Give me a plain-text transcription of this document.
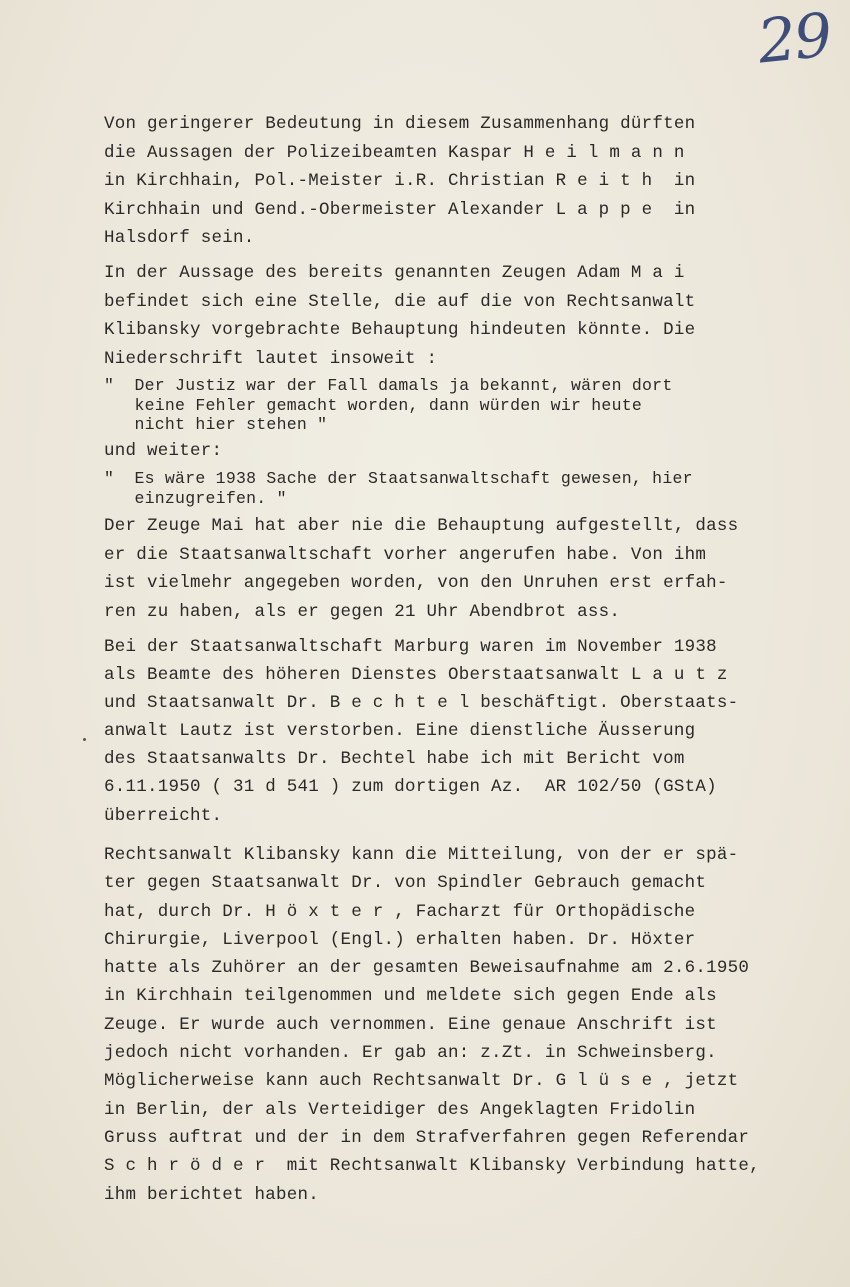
29

Von geringerer Bedeutung in diesem Zusammenhang dürften
die Aussagen der Polizeibeamten Kaspar H e i l m a n n
in Kirchhain, Pol.-Meister i.R. Christian R e i t h  in
Kirchhain und Gend.-Obermeister Alexander L a p p e  in
Halsdorf sein.

In der Aussage des bereits genannten Zeugen Adam M a i
befindet sich eine Stelle, die auf die von Rechtsanwalt
Klibansky vorgebrachte Behauptung hindeuten könnte. Die
Niederschrift lautet insoweit :

"  Der Justiz war der Fall damals ja bekannt, wären dort
keine Fehler gemacht worden, dann würden wir heute
nicht hier stehen "

und weiter:

"  Es wäre 1938 Sache der Staatsanwaltschaft gewesen, hier
einzugreifen. "

Der Zeuge Mai hat aber nie die Behauptung aufgestellt, dass
er die Staatsanwaltschaft vorher angerufen habe. Von ihm
ist vielmehr angegeben worden, von den Unruhen erst erfah-
ren zu haben, als er gegen 21 Uhr Abendbrot ass.

Bei der Staatsanwaltschaft Marburg waren im November 1938
als Beamte des höheren Dienstes Oberstaatsanwalt L a u t z
und Staatsanwalt Dr. B e c h t e l beschäftigt. Oberstaats-
anwalt Lautz ist verstorben. Eine dienstliche Äusserung
des Staatsanwalts Dr. Bechtel habe ich mit Bericht vom
6.11.1950 ( 31 d 541 ) zum dortigen Az.  AR 102/50 (GStA)
überreicht.

Rechtsanwalt Klibansky kann die Mitteilung, von der er spä-
ter gegen Staatsanwalt Dr. von Spindler Gebrauch gemacht
hat, durch Dr. H ö x t e r , Facharzt für Orthopädische
Chirurgie, Liverpool (Engl.) erhalten haben. Dr. Höxter
hatte als Zuhörer an der gesamten Beweisaufnahme am 2.6.1950
in Kirchhain teilgenommen und meldete sich gegen Ende als
Zeuge. Er wurde auch vernommen. Eine genaue Anschrift ist
jedoch nicht vorhanden. Er gab an: z.Zt. in Schweinsberg.
Möglicherweise kann auch Rechtsanwalt Dr. G l ü s e , jetzt
in Berlin, der als Verteidiger des Angeklagten Fridolin
Gruss auftrat und der in dem Strafverfahren gegen Referendar
S c h r ö d e r  mit Rechtsanwalt Klibansky Verbindung hatte,
ihm berichtet haben.
